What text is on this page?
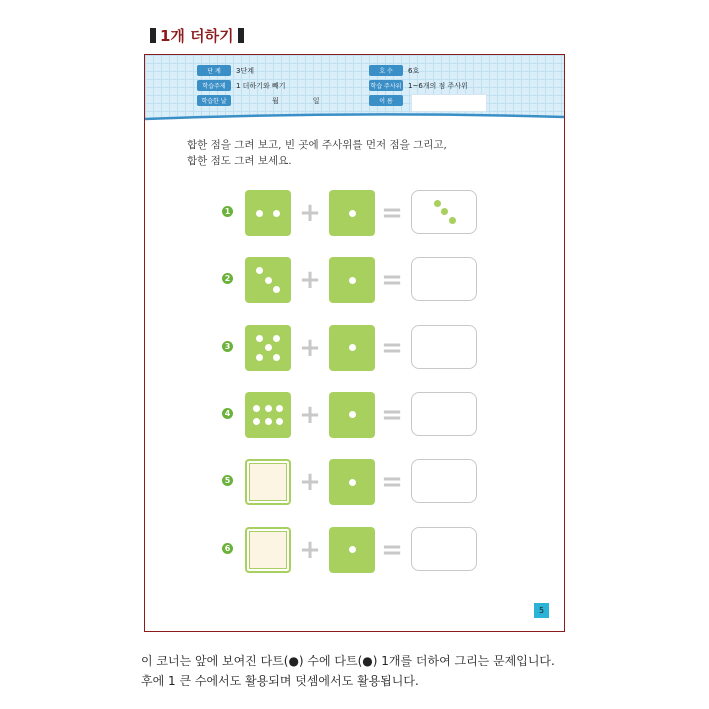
1개 더하기
단 계	3단계
학습주제	1 더하기와 빼기
학습한 날	월	일
호 수	6호
학습 주사위 1~6개의 점 주사위
이 름
합한 점을 그려 보고, 빈 곳에 주사위를 먼저 점을 그리고,
합한 점도 그려 보세요.
1	+ =
2	+ =
3	+ =
4	+ =
5	+ =
6	+ =
5
이 코너는 앞에 보여진 다트(●) 수에 다트(●) 1개를 더하여 그리는 문제입니다.
후에 1 큰 수에서도 활용되며 덧셈에서도 활용됩니다.
